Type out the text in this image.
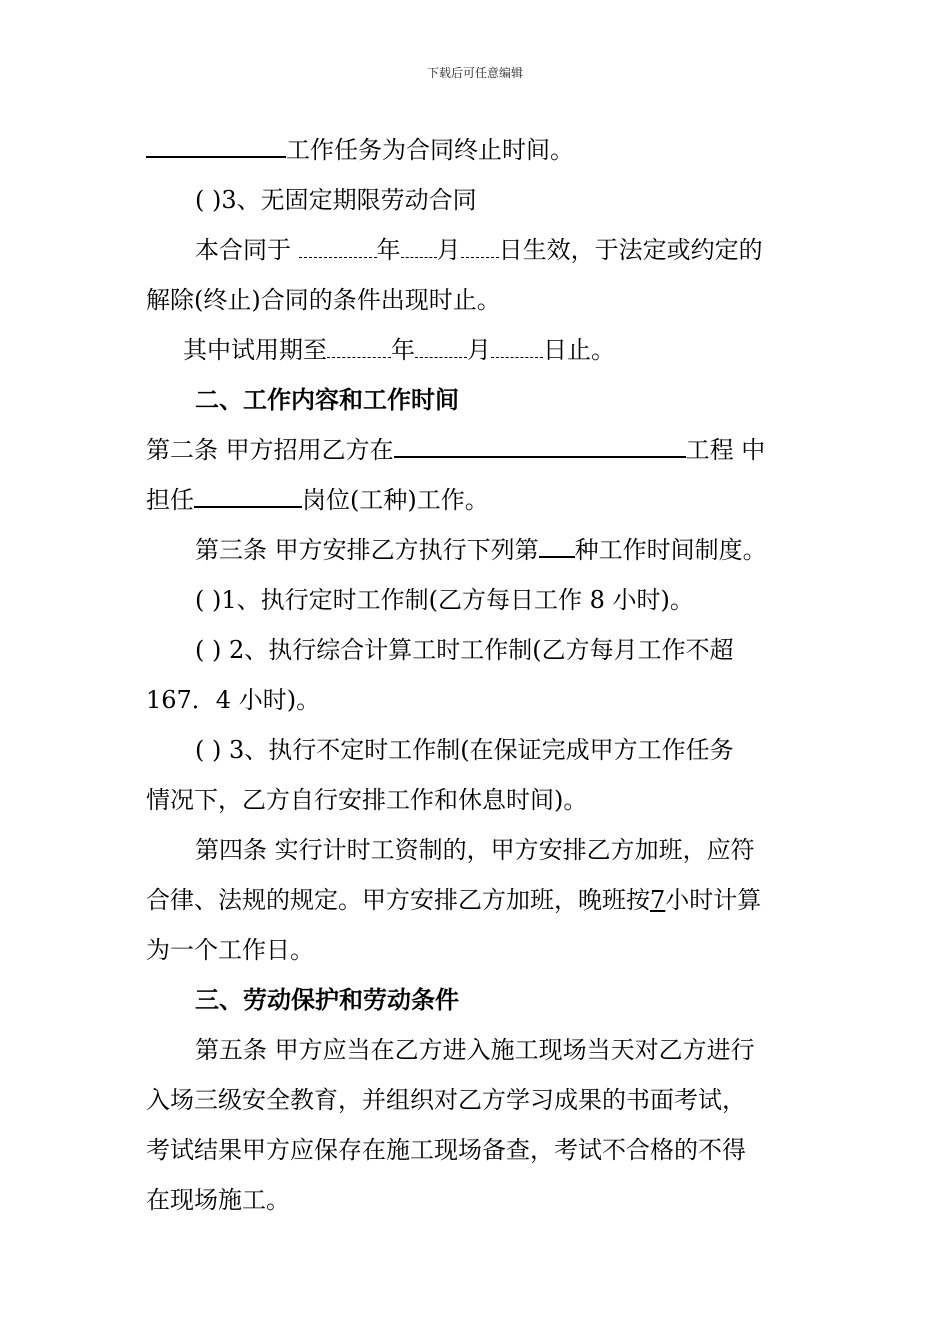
下载后可任意编辑
工作任务为合同终止时间。
( )3、无固定期限劳动合同
本合同于	年 月 日生效，于法定或约定的
解除(终止)合同的条件出现时止。
其中试用期至	年 月 日止。
二、工作内容和工作时间
第二条 甲方招用乙方在	工程 中
担任	岗位(工种)工作。
第三条 甲方安排乙方执行下列第 种工作时间制度。
( )1、执行定时工作制(乙方每日工作 8 小时)。
( ) 2、执行综合计算工时工作制(乙方每月工作不超
167．4 小时)。
( ) 3、执行不定时工作制(在保证完成甲方工作任务
情况下，乙方自行安排工作和休息时间)。
第四条 实行计时工资制的，甲方安排乙方加班，应符
合律、法规的规定。甲方安排乙方加班，晚班按7小时计算
为一个工作日。
三、劳动保护和劳动条件
第五条 甲方应当在乙方进入施工现场当天对乙方进行
入场三级安全教育，并组织对乙方学习成果的书面考试，
考试结果甲方应保存在施工现场备查，考试不合格的不得
在现场施工。
